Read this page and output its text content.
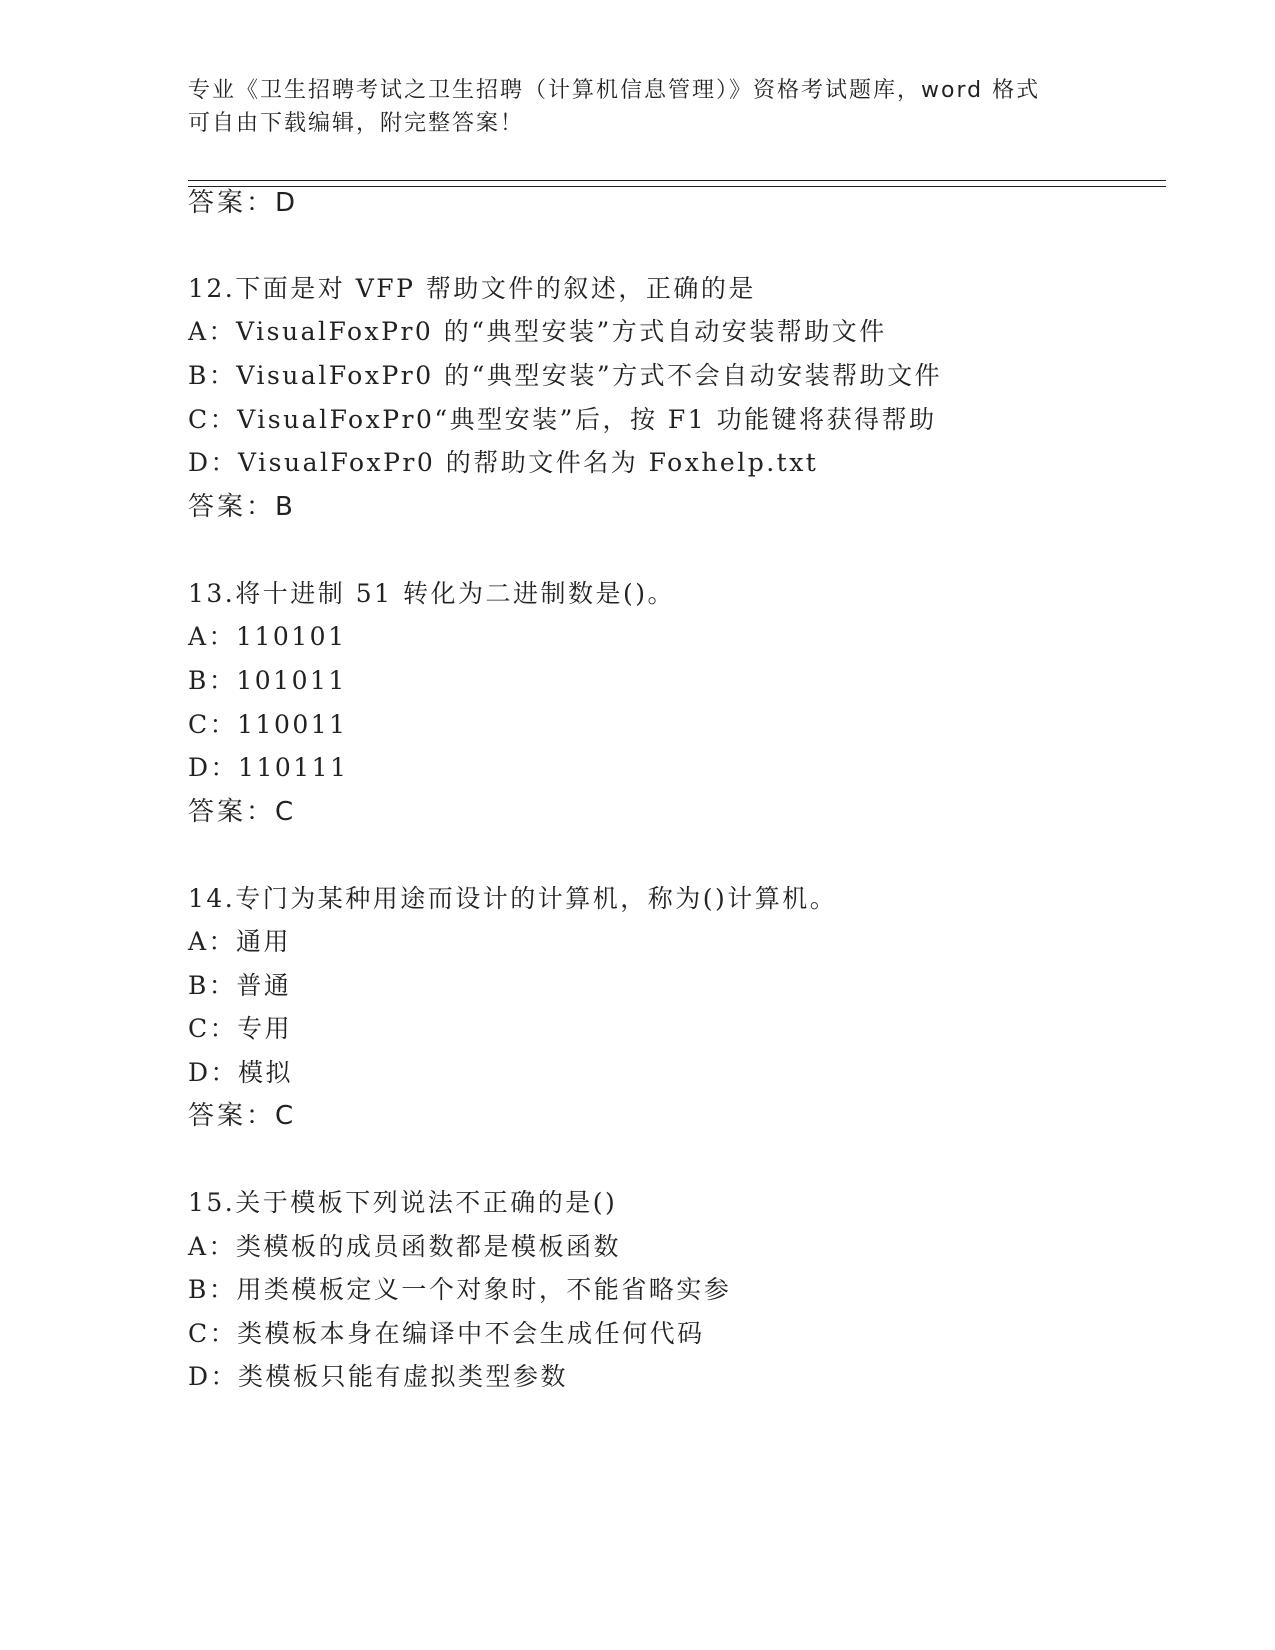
专业《卫生招聘考试之卫生招聘（计算机信息管理）》资格考试题库，word 格式
可自由下载编辑，附完整答案！
答案：D
12.下面是对 VFP 帮助文件的叙述，正确的是
A：VisualFoxPr0 的“典型安装”方式自动安装帮助文件
B：VisualFoxPr0 的“典型安装”方式不会自动安装帮助文件
C：VisualFoxPr0“典型安装”后，按 F1 功能键将获得帮助
D：VisualFoxPr0 的帮助文件名为 Foxhelp.txt
答案：B
13.将十进制 51 转化为二进制数是()。
A：110101
B：101011
C：110011
D：110111
答案：C
14.专门为某种用途而设计的计算机，称为()计算机。
A：通用
B：普通
C：专用
D：模拟
答案：C
15.关于模板下列说法不正确的是()
A：类模板的成员函数都是模板函数
B：用类模板定义一个对象时，不能省略实参
C：类模板本身在编译中不会生成任何代码
D：类模板只能有虚拟类型参数
